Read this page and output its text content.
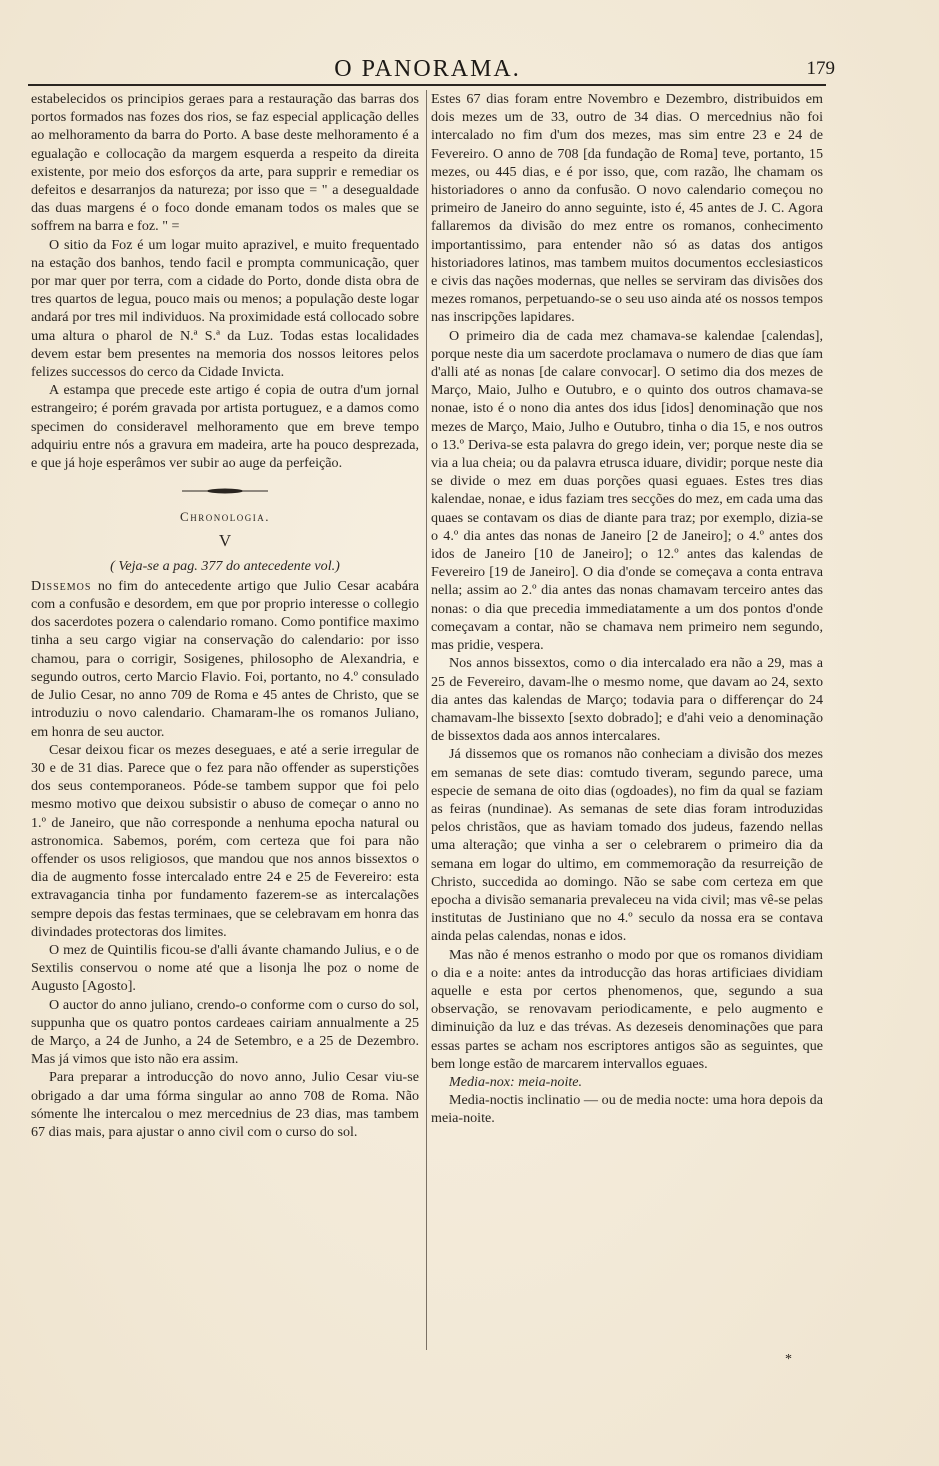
O PANORAMA.	179

estabelecidos os principios geraes para a restauração das barras dos portos formados nas fozes dos rios, se faz especial applicação delles ao melhoramento da barra do Porto. A base deste melhoramento é a egualação e collocação da margem esquerda a respeito da direita existente, por meio dos esforços da arte, para supprir e remediar os defeitos e desarranjos da natureza; por isso que = " a desegualdade das duas margens é o foco donde emanam todos os males que se soffrem na barra e foz. " =

O sitio da Foz é um logar muito aprazivel, e muito frequentado na estação dos banhos, tendo facil e prompta communicação, quer por mar quer por terra, com a cidade do Porto, donde dista obra de tres quartos de legua, pouco mais ou menos; a população deste logar andará por tres mil individuos. Na proximidade está collocado sobre uma altura o pharol de N.ª S.ª da Luz. Todas estas localidades devem estar bem presentes na memoria dos nossos leitores pelos felizes successos do cerco da Cidade Invicta.

A estampa que precede este artigo é copia de outra d'um jornal estrangeiro; é porém gravada por artista portuguez, e a damos como specimen do consideravel melhoramento que em breve tempo adquiriu entre nós a gravura em madeira, arte ha pouco desprezada, e que já hoje esperâmos ver subir ao auge da perfeição.

Chronologia.
V
( Veja-se a pag. 377 do antecedente vol.)

Dissemos no fim do antecedente artigo que Julio Cesar acabára com a confusão e desordem, em que por proprio interesse o collegio dos sacerdotes pozera o calendario romano. Como pontifice maximo tinha a seu cargo vigiar na conservação do calendario: por isso chamou, para o corrigir, Sosigenes, philosopho de Alexandria, e segundo outros, certo Marcio Flavio. Foi, portanto, no 4.º consulado de Julio Cesar, no anno 709 de Roma e 45 antes de Christo, que se introduziu o novo calendario. Chamaram-lhe os romanos Juliano, em honra de seu auctor.

Cesar deixou ficar os mezes deseguaes, e até a serie irregular de 30 e de 31 dias. Parece que o fez para não offender as superstições dos seus contemporaneos. Póde-se tambem suppor que foi pelo mesmo motivo que deixou subsistir o abuso de começar o anno no 1.º de Janeiro, que não corresponde a nenhuma epocha natural ou astronomica. Sabemos, porém, com certeza que foi para não offender os usos religiosos, que mandou que nos annos bissextos o dia de augmento fosse intercalado entre 24 e 25 de Fevereiro: esta extravagancia tinha por fundamento fazerem-se as intercalações sempre depois das festas terminaes, que se celebravam em honra das divindades protectoras dos limites.

O mez de Quintilis ficou-se d'alli ávante chamando Julius, e o de Sextilis conservou o nome até que a lisonja lhe poz o nome de Augusto [Agosto].

O auctor do anno juliano, crendo-o conforme com o curso do sol, suppunha que os quatro pontos cardeaes cairiam annualmente a 25 de Março, a 24 de Junho, a 24 de Setembro, e a 25 de Dezembro. Mas já vimos que isto não era assim.

Para preparar a introducção do novo anno, Julio Cesar viu-se obrigado a dar uma fórma singular ao anno 708 de Roma. Não sómente lhe intercalou o mez mercednius de 23 dias, mas tambem 67 dias mais, para ajustar o anno civil com o curso do sol.

Estes 67 dias foram entre Novembro e Dezembro, distribuidos em dois mezes um de 33, outro de 34 dias. O mercednius não foi intercalado no fim d'um dos mezes, mas sim entre 23 e 24 de Fevereiro. O anno de 708 [da fundação de Roma] teve, portanto, 15 mezes, ou 445 dias, e é por isso, que, com razão, lhe chamam os historiadores o anno da confusão. O novo calendario começou no primeiro de Janeiro do anno seguinte, isto é, 45 antes de J. C. Agora fallaremos da divisão do mez entre os romanos, conhecimento importantissimo, para entender não só as datas dos antigos historiadores latinos, mas tambem muitos documentos ecclesiasticos e civis das nações modernas, que nelles se serviram das divisões dos mezes romanos, perpetuando-se o seu uso ainda até os nossos tempos nas inscripções lapidares.

O primeiro dia de cada mez chamava-se kalendae [calendas], porque neste dia um sacerdote proclamava o numero de dias que íam d'alli até as nonas [de calare convocar]. O setimo dia dos mezes de Março, Maio, Julho e Outubro, e o quinto dos outros chamava-se nonae, isto é o nono dia antes dos idus [idos] denominação que nos mezes de Março, Maio, Julho e Outubro, tinha o dia 15, e nos outros o 13.º Deriva-se esta palavra do grego idein, ver; porque neste dia se via a lua cheia; ou da palavra etrusca iduare, dividir; porque neste dia se divide o mez em duas porções quasi eguaes. Estes tres dias kalendae, nonae, e idus faziam tres secções do mez, em cada uma das quaes se contavam os dias de diante para traz; por exemplo, dizia-se o 4.º dia antes das nonas de Janeiro [2 de Janeiro]; o 4.º antes dos idos de Janeiro [10 de Janeiro]; o 12.º antes das kalendas de Fevereiro [19 de Janeiro]. O dia d'onde se começava a conta entrava nella; assim ao 2.º dia antes das nonas chamavam terceiro antes das nonas: o dia que precedia immediatamente a um dos pontos d'onde começavam a contar, não se chamava nem primeiro nem segundo, mas pridie, vespera.

Nos annos bissextos, como o dia intercalado era não a 29, mas a 25 de Fevereiro, davam-lhe o mesmo nome, que davam ao 24, sexto dia antes das kalendas de Março; todavia para o differençar do 24 chamavam-lhe bissexto [sexto dobrado]; e d'ahi veio a denominação de bissextos dada aos annos intercalares.

Já dissemos que os romanos não conheciam a divisão dos mezes em semanas de sete dias: comtudo tiveram, segundo parece, uma especie de semana de oito dias (ogdoades), no fim da qual se faziam as feiras (nundinae). As semanas de sete dias foram introduzidas pelos christãos, que as haviam tomado dos judeus, fazendo nellas uma alteração; que vinha a ser o celebrarem o primeiro dia da semana em logar do ultimo, em commemoração da resurreição de Christo, succedida ao domingo. Não se sabe com certeza em que epocha a divisão semanaria prevaleceu na vida civil; mas vê-se pelas institutas de Justiniano que no 4.º seculo da nossa era se contava ainda pelas calendas, nonas e idos.

Mas não é menos estranho o modo por que os romanos dividiam o dia e a noite: antes da introducção das horas artificiaes dividiam aquelle e esta por certos phenomenos, que, segundo a sua observação, se renovavam periodicamente, e pelo augmento e diminuição da luz e das trévas. As dezeseis denominações que para essas partes se acham nos escriptores antigos são as seguintes, que bem longe estão de marcarem intervallos eguaes.

Media-nox: meia-noite.

Media-noctis inclinatio — ou de media nocte: uma hora depois da meia-noite.

*
